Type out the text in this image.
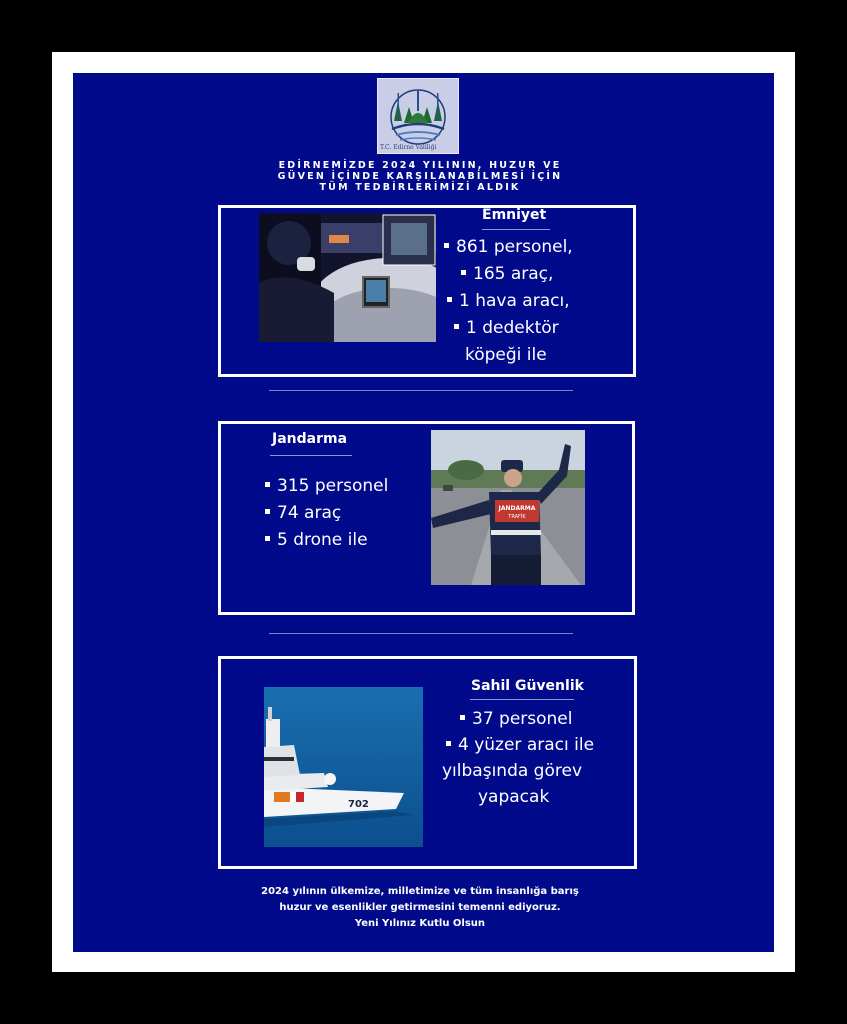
T.C. Edirne Valiliği
EDİRNEMİZDE 2024 YILININ, HUZUR VE
GÜVEN İÇİNDE KARŞILANABİLMESİ İÇİN
TÜM TEDBİRLERİMİZİ ALDIK
Emniyet
861 personel,
165 araç,
1 hava aracı,
1 dedektör
köpeği ile
Jandarma
315 personel
74 araç
5 drone ile
JANDARMA
TRAFİK
702
Sahil Güvenlik
37 personel
4 yüzer aracı ile
yılbaşında görev
yapacak
2024 yılının ülkemize, milletimize ve tüm insanlığa barış
huzur ve esenlikler getirmesini temenni ediyoruz.
Yeni Yılınız Kutlu Olsun
